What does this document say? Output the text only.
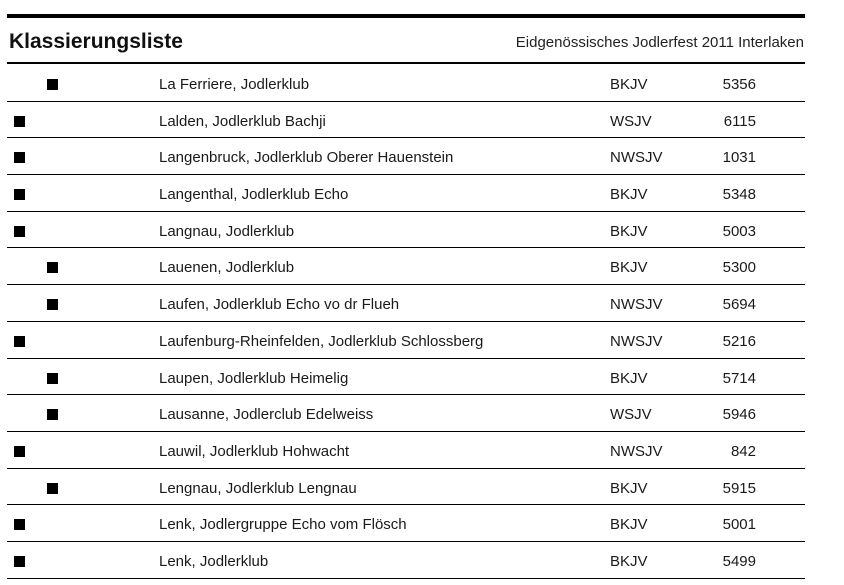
Klassierungsliste	Eidgenössisches Jodlerfest 2011 Interlaken
La Ferriere, Jodlerklub	BKJV	5356
Lalden, Jodlerklub Bachji	WSJV	6115
Langenbruck, Jodlerklub Oberer Hauenstein	NWSJV	1031
Langenthal, Jodlerklub Echo	BKJV	5348
Langnau, Jodlerklub	BKJV	5003
Lauenen, Jodlerklub	BKJV	5300
Laufen, Jodlerklub Echo vo dr Flueh	NWSJV	5694
Laufenburg-Rheinfelden, Jodlerklub Schlossberg	NWSJV	5216
Laupen, Jodlerklub Heimelig	BKJV	5714
Lausanne, Jodlerclub Edelweiss	WSJV	5946
Lauwil, Jodlerklub Hohwacht	NWSJV	842
Lengnau, Jodlerklub Lengnau	BKJV	5915
Lenk, Jodlergruppe Echo vom Flösch	BKJV	5001
Lenk, Jodlerklub	BKJV	5499
